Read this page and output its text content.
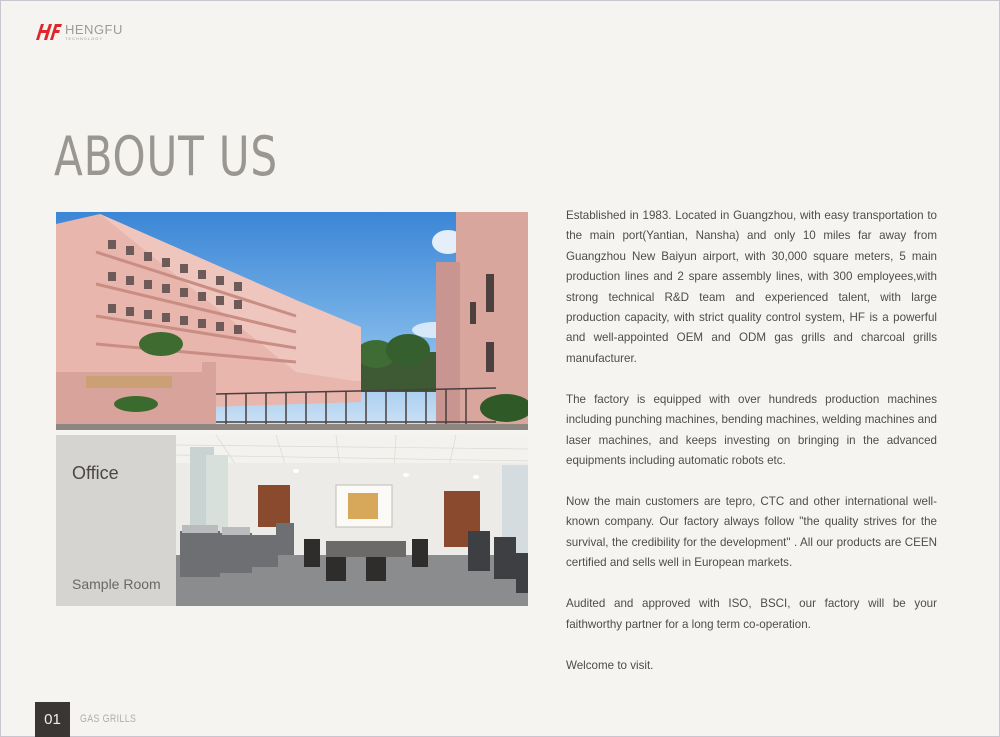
HENGFU
TECHNOLOGY
ABOUT US
Office
Sample Room

Established in 1983. Located in Guangzhou, with easy transportation to the main port(Yantian, Nansha) and only 10 miles far away from Guangzhou New Baiyun airport, with 30,000 square meters, 5 main production lines and 2 spare assembly lines, with 300 employees,with strong technical R&D team and experienced talent, with large production capacity, with strict quality control system, HF is a powerful and well-appointed OEM and ODM gas grills and charcoal grills manufacturer.

The factory is equipped with over hundreds production machines including punching machines, bending machines, welding machines and laser machines, and keeps investing on bringing in the advanced equipments including automatic robots etc.

Now the main customers are tepro, CTC and other international well-known company. Our factory always follow "the quality strives for the survival, the credibility for the development" . All our products are CEEN certified and sells well in European markets.

Audited and approved with ISO, BSCI, our factory will be your faithworthy partner for a long term co-operation.

Welcome to visit.

01	GAS GRILLS
